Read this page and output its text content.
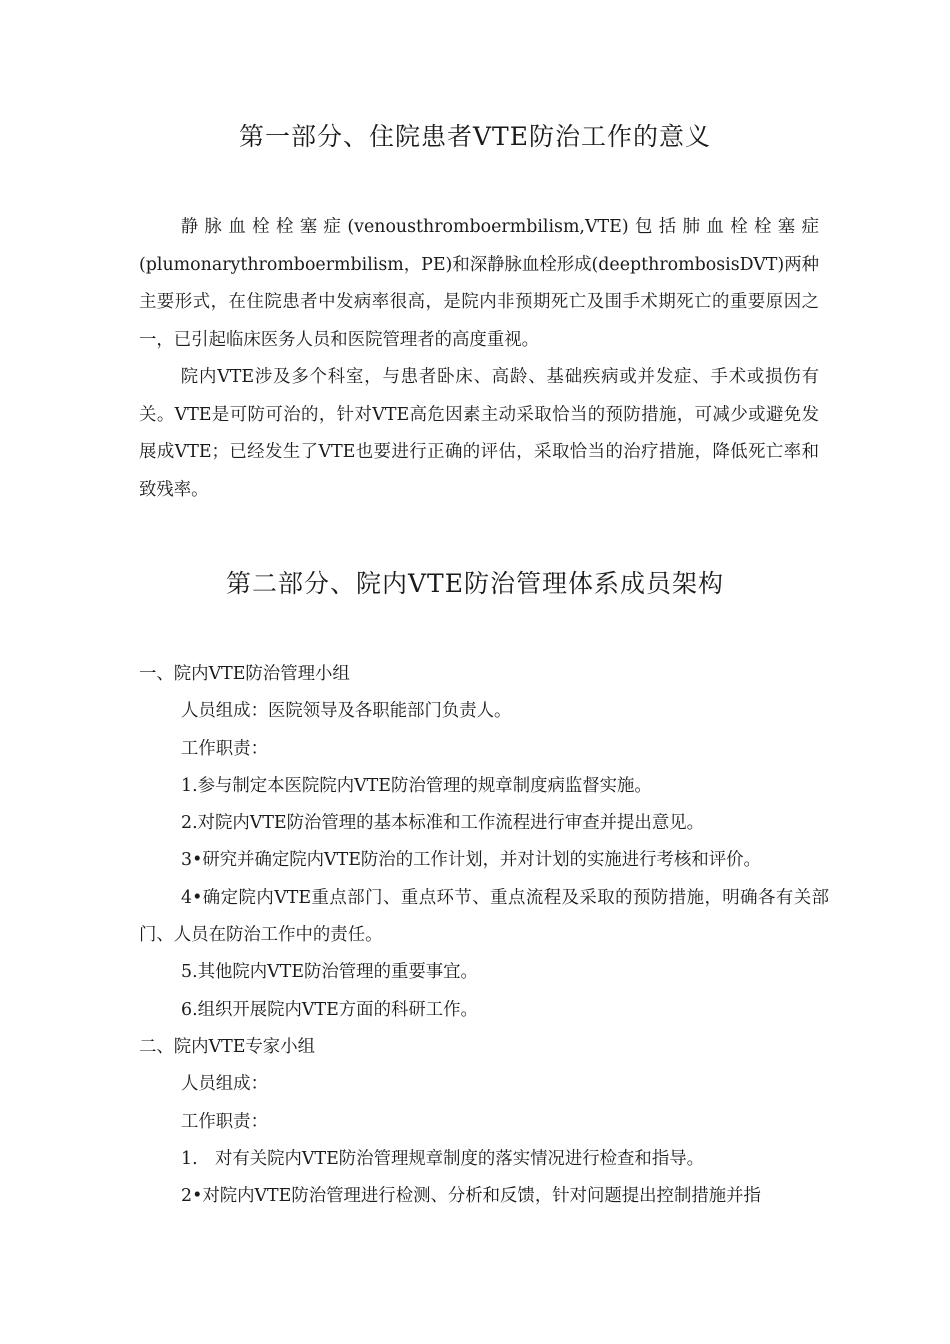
第一部分、住院患者VTE防治工作的意义

静脉血栓栓塞症(venousthromboermbilism,VTE)包括肺血栓栓塞症(plumonarythromboermbilism，PE)和深静脉血栓形成(deepthrombosisDVT)两种主要形式，在住院患者中发病率很高，是院内非预期死亡及围手术期死亡的重要原因之一，已引起临床医务人员和医院管理者的高度重视。

院内VTE涉及多个科室，与患者卧床、高龄、基础疾病或并发症、手术或损伤有关。VTE是可防可治的，针对VTE高危因素主动采取恰当的预防措施，可减少或避免发展成VTE；已经发生了VTE也要进行正确的评估，采取恰当的治疗措施，降低死亡率和致残率。

第二部分、院内VTE防治管理体系成员架构
一、院内VTE防治管理小组
人员组成：医院领导及各职能部门负责人。
工作职责：
1.参与制定本医院院内VTE防治管理的规章制度病监督实施。
2.对院内VTE防治管理的基本标准和工作流程进行审查并提出意见。
3•研究并确定院内VTE防治的工作计划，并对计划的实施进行考核和评价。
4•确定院内VTE重点部门、重点环节、重点流程及采取的预防措施，明确各有关部门、人员在防治工作中的责任。
5.其他院内VTE防治管理的重要事宜。
6.组织开展院内VTE方面的科研工作。
二、院内VTE专家小组
人员组成：
工作职责：
1.　对有关院内VTE防治管理规章制度的落实情况进行检查和指导。
2•对院内VTE防治管理进行检测、分析和反馈，针对问题提出控制措施并指
